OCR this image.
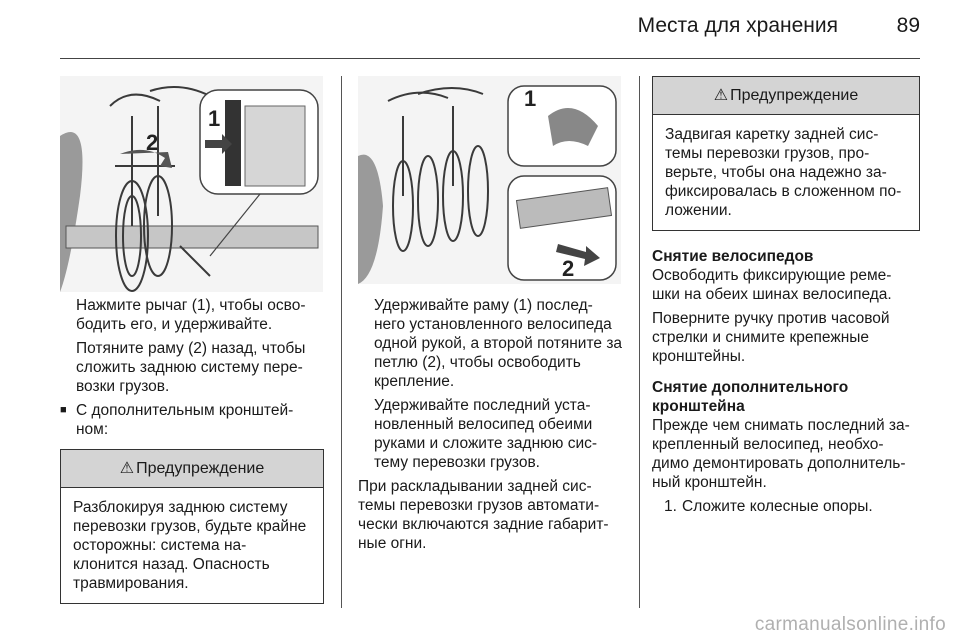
Места для хранения	89
1
2
1
2

Нажмите рычаг (1), чтобы осво- бодить его, и удерживайте.

Потяните раму (2) назад, чтобы сложить заднюю систему пере- возки грузов.

■ С дополнительным кронштей- ном:
⚠ Предупреждение
Разблокируя заднюю систему перевозки грузов, будьте крайне осторожны: система на- клонится назад. Опасность травмирования.

Удерживайте раму (1) послед- него установленного велосипеда одной рукой, а второй потяните за петлю (2), чтобы освободить крепление.

Удерживайте последний уста- новленный велосипед обеими руками и сложите заднюю сис- тему перевозки грузов.

При раскладывании задней сис- темы перевозки грузов автомати- чески включаются задние габарит- ные огни.

⚠ Предупреждение
Задвигая каретку задней сис- темы перевозки грузов, про- верьте, чтобы она надежно за- фиксировалась в сложенном по- ложении.
Снятие велосипедов

Освободить фиксирующие реме- шки на обеих шинах велосипеда.

Поверните ручку против часовой стрелки и снимите крепежные кронштейны.

Снятие дополнительного кронштейна

Прежде чем снимать последний за- крепленный велосипед, необхо- димо демонтировать дополнитель- ный кронштейн.

1. Сложите колесные опоры.
carmanualsonline.info
